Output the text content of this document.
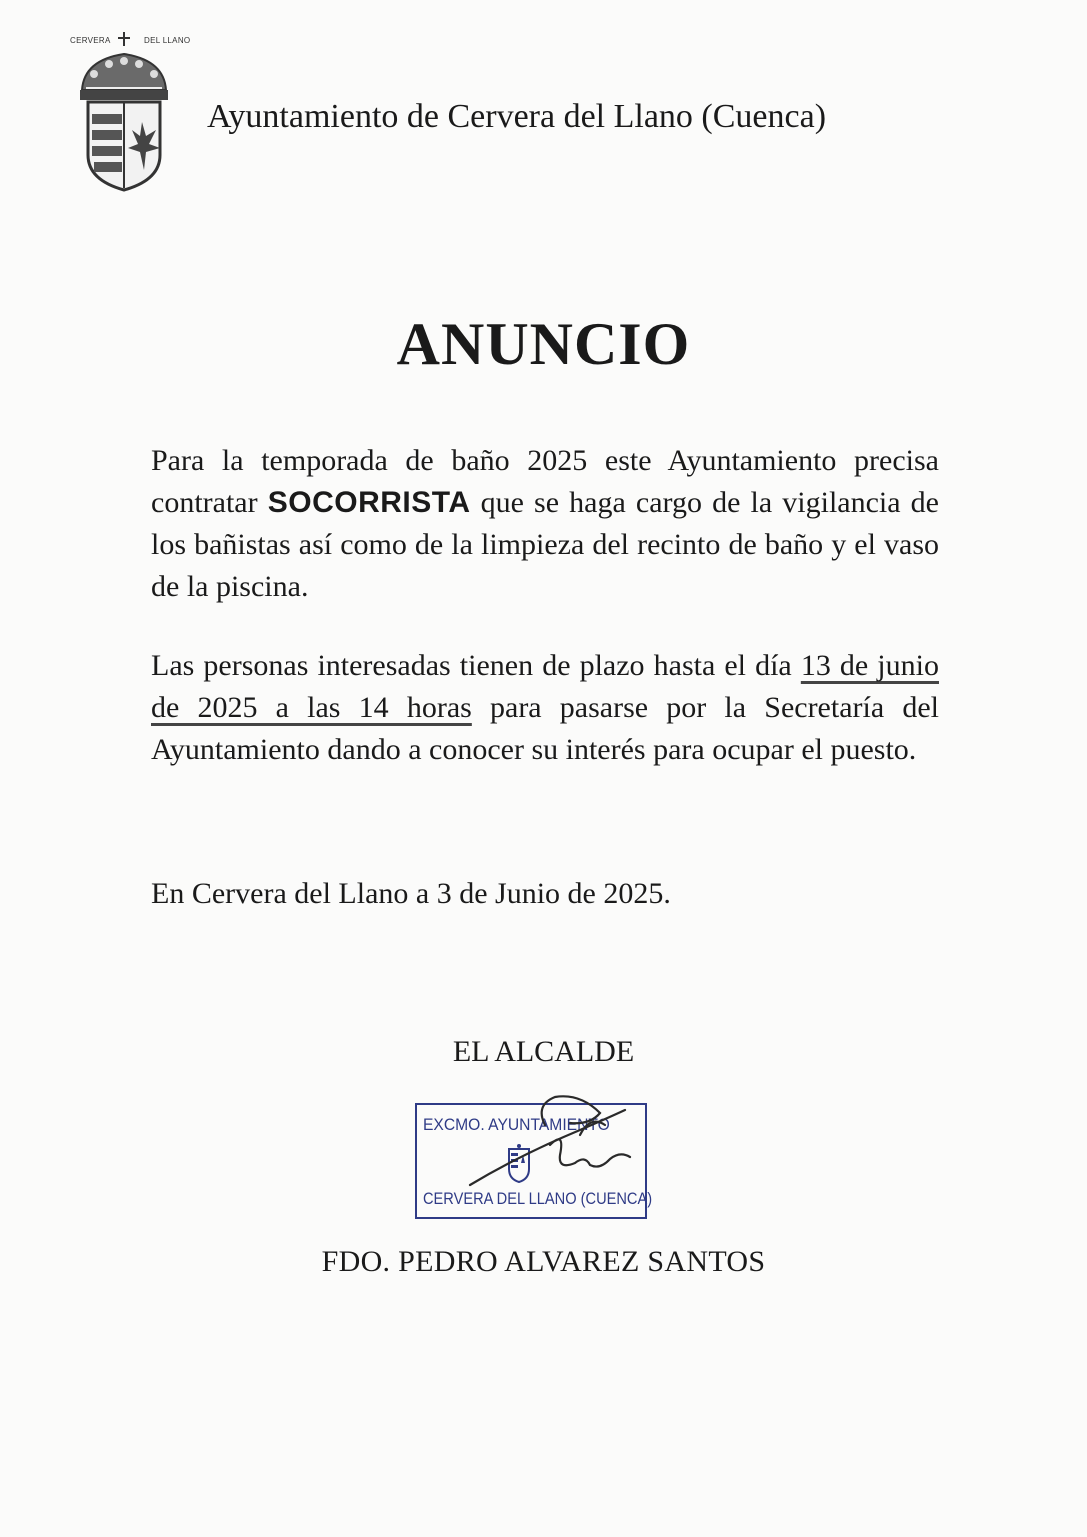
CERVERA	DEL LLANO
Ayuntamiento de Cervera del Llano (Cuenca)
ANUNCIO

Para la temporada de baño 2025 este Ayuntamiento precisa contratar SOCORRISTA que se haga cargo de la vigilancia de los bañistas así como de la limpieza del recinto de baño y el vaso de la piscina.

Las personas interesadas tienen de plazo hasta el día 13 de junio de 2025 a las 14 horas para pasarse por la Secretaría del Ayuntamiento dando a conocer su interés para ocupar el puesto.

En Cervera del Llano a 3 de Junio de 2025.
EL ALCALDE
EXCMO. AYUNTAMIENTO
CERVERA DEL LLANO (CUENCA)
FDO. PEDRO ALVAREZ SANTOS
